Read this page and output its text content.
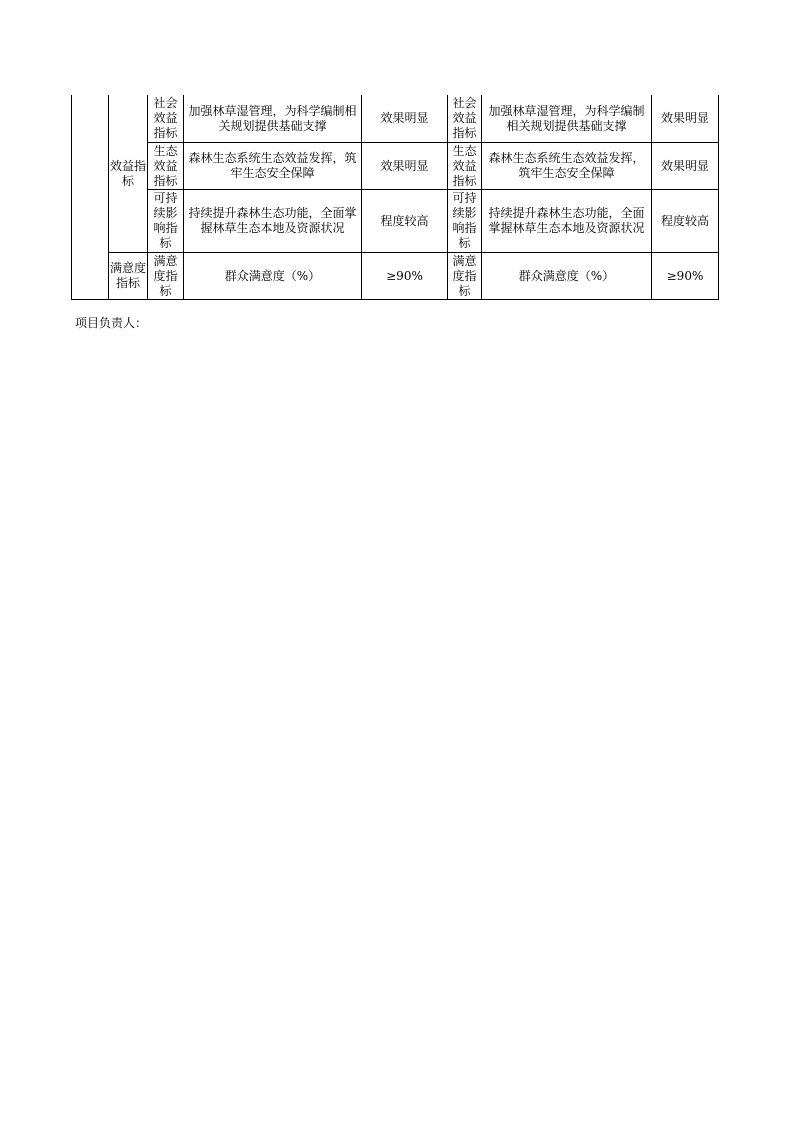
	效益指标	社会效益指标	加强林草湿管理，为科学编制相关规划提供基础支撑	效果明显	社会效益指标	加强林草湿管理，为科学编制相关规划提供基础支撑	效果明显
		生态效益指标	森林生态系统生态效益发挥，筑牢生态安全保障	效果明显	生态效益指标	森林生态系统生态效益发挥，筑牢生态安全保障	效果明显
		可持续影响指标	持续提升森林生态功能，全面掌握林草生态本地及资源状况	程度较高	可持续影响指标	持续提升森林生态功能，全面掌握林草生态本地及资源状况	程度较高
	满意度指标	满意度指标	群众满意度（%）	≥90%	满意度指标	群众满意度（%）	≥90%
项目负责人：
